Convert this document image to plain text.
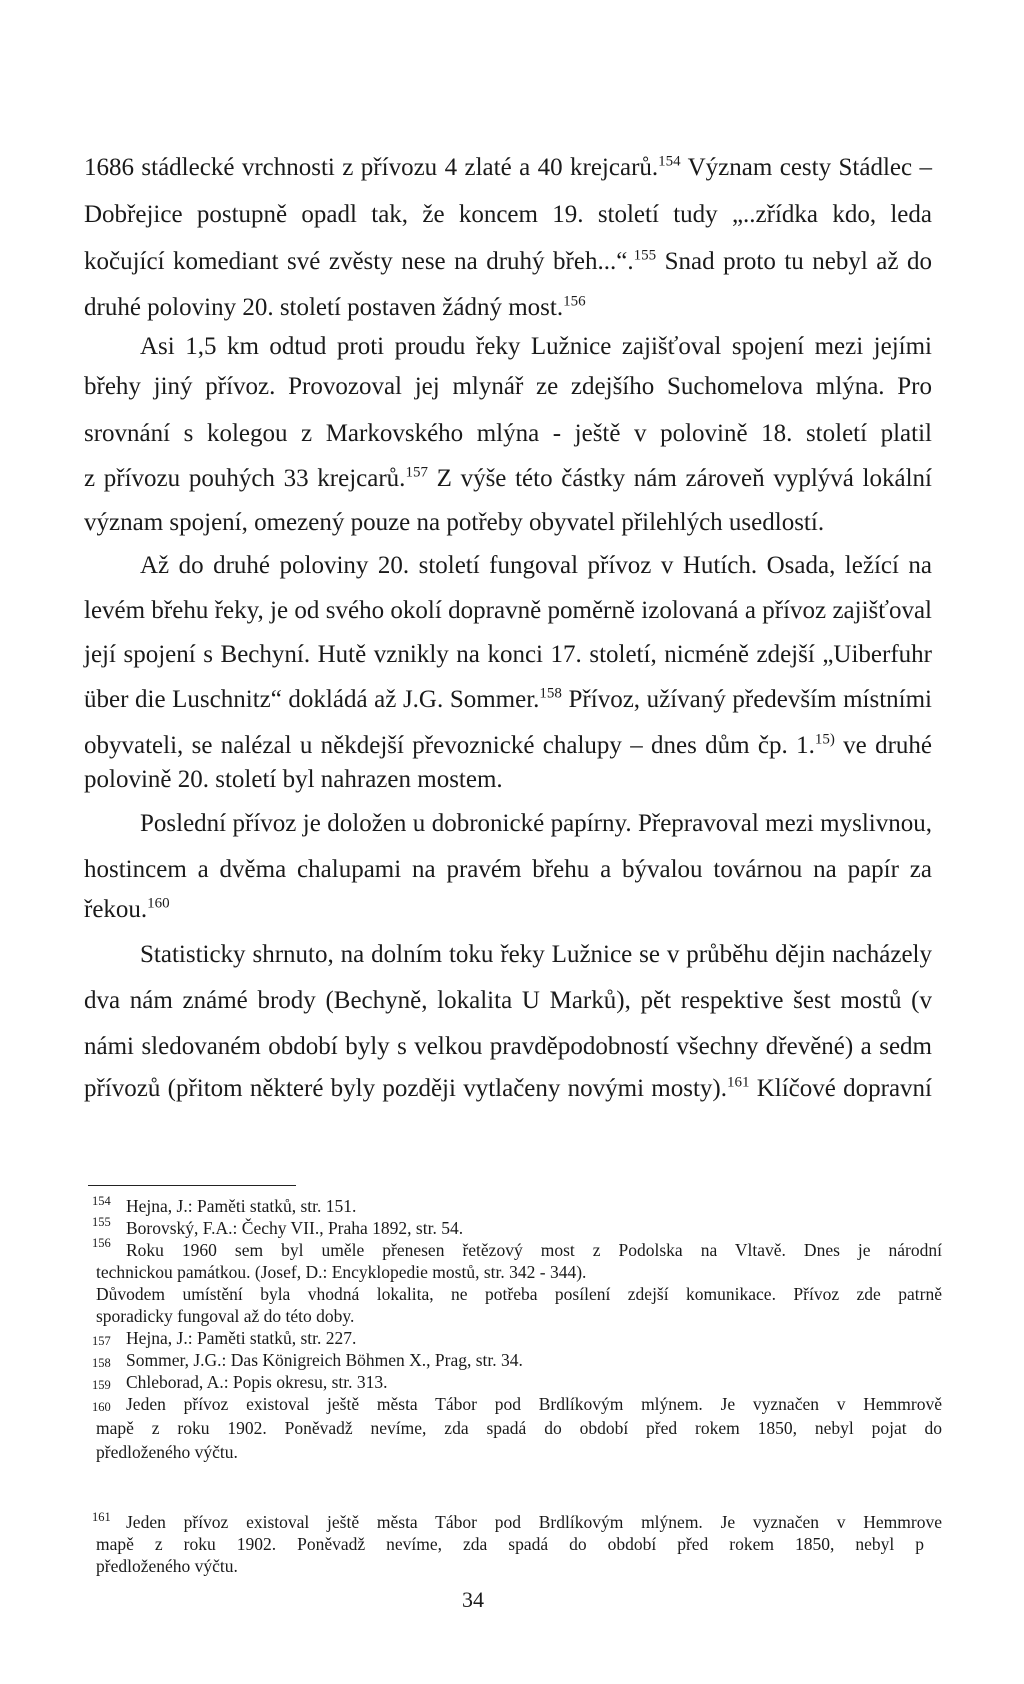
1686 stádlecké vrchnosti z přívozu 4 zlaté a 40 krejcarů.$^{154}$ Význam cesty Stádlec –
Dobřejice postupně opadl tak, že koncem 19. století tudy „..zřídka kdo, leda
kočující komediant své zvěsty nese na druhý břeh...“.$^{155}$ Snad proto tu nebyl až do
druhé poloviny 20. století postaven žádný most.$^{156}$
Asi 1,5 km odtud proti proudu řeky Lužnice zajišťoval spojení mezi jejími
břehy jiný přívoz. Provozoval jej mlynář ze zdejšího Suchomelova mlýna. Pro
srovnání s kolegou z Markovského mlýna - ještě v polovině 18. století platil
z přívozu pouhých 33 krejcarů.$^{157}$ Z výše této částky nám zároveň vyplývá lokální
význam spojení, omezený pouze na potřeby obyvatel přilehlých usedlostí.
Až do druhé poloviny 20. století fungoval přívoz v Hutích. Osada, ležící na
levém břehu řeky, je od svého okolí dopravně poměrně izolovaná a přívoz zajišťoval
její spojení s Bechyní. Hutě vznikly na konci 17. století, nicméně zdejší „Uiberfuhr
über die Luschnitz“ dokládá až J.G. Sommer.$^{158}$ Přívoz, užívaný především místními
obyvateli, se nalézal u někdejší převoznické chalupy – dnes dům čp. 1.$^{15)}$ ve druhé
polovině 20. století byl nahrazen mostem.
Poslední přívoz je doložen u dobronické papírny. Přepravoval mezi myslivnou,
hostincem a dvěma chalupami na pravém břehu a bývalou továrnou na papír za
řekou.$^{160}$
Statisticky shrnuto, na dolním toku řeky Lužnice se v průběhu dějin nacházely
dva nám známé brody (Bechyně, lokalita U Marků), pět respektive šest mostů (v
námi sledovaném období byly s velkou pravděpodobností všechny dřevěné) a sedm
přívozů (přitom některé byly později vytlačeny novými mosty).$^{161}$ Klíčové dopravní
154
155
156
157
158
159
160
161
Hejna, J.: Paměti statků, str. 151.
Borovský, F.A.: Čechy VII., Praha 1892, str. 54.
Roku 1960 sem byl uměle přenesen řetězový most z Podolska na Vltavě. Dnes je národní
technickou památkou. (Josef, D.: Encyklopedie mostů, str. 342 - 344).
Důvodem umístění byla vhodná lokalita, ne potřeba posílení zdejší komunikace. Přívoz zde patrně
sporadicky fungoval až do této doby.
Hejna, J.: Paměti statků, str. 227.
Sommer, J.G.: Das Königreich Böhmen X., Prag, str. 34.
Chleborad, A.: Popis okresu, str. 313.
Jeden přívoz existoval ještě města Tábor pod Brdlíkovým mlýnem. Je vyznačen v Hemmrově
mapě z roku 1902. Poněvadž nevíme, zda spadá do období před rokem 1850, nebyl pojat do
předloženého výčtu.
Jeden přívoz existoval ještě města Tábor pod Brdlíkovým mlýnem. Je vyznačen v Hemmrove
mapě z roku 1902. Poněvadž nevíme, zda spadá do období před rokem 1850, nebyl p
předloženého výčtu.
34
